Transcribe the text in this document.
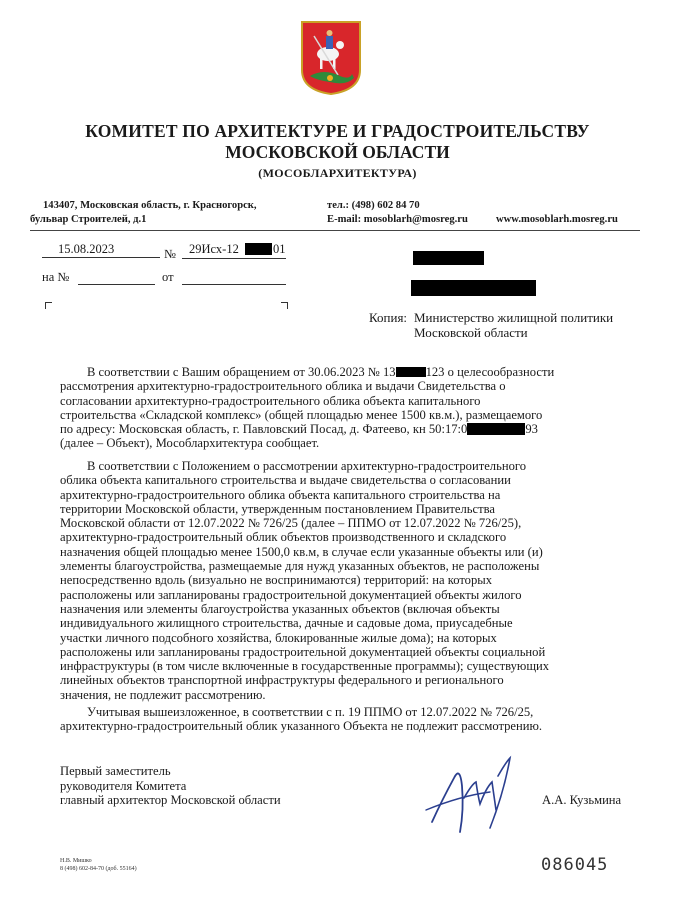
КОМИТЕТ ПО АРХИТЕКТУРЕ И ГРАДОСТРОИТЕЛЬСТВУ
МОСКОВСКОЙ ОБЛАСТИ
(МОСОБЛАРХИТЕКТУРА)
143407, Московская область, г. Красногорск,
бульвар Строителей, д.1
тел.: (498) 602 84 70
E-mail: mosoblarh@mosreg.ru	www.mosoblarh.mosreg.ru
15.08.2023	№ 29Исх-12	01
на №	от
Копия: Министерство жилищной политики
Московской области
В соответствии с Вашим обращением от 30.06.2023 № 13 123 о целесообразности
рассмотрения архитектурно-градостроительного облика и выдачи Свидетельства о
согласовании архитектурно-градостроительного облика объекта капитального
строительства «Складской комплекс» (общей площадью менее 1500 кв.м.), размещаемого
по адресу: Московская область, г. Павловский Посад, д. Фатеево, кн 50:17:0	93
(далее – Объект), Мособлархитектура сообщает.
В соответствии с Положением о рассмотрении архитектурно-градостроительного
облика объекта капитального строительства и выдаче свидетельства о согласовании
архитектурно-градостроительного облика объекта капитального строительства на
территории Московской области, утвержденным постановлением Правительства
Московской области от 12.07.2022 № 726/25 (далее – ППМО от 12.07.2022 № 726/25),
архитектурно-градостроительный облик объектов производственного и складского
назначения общей площадью менее 1500,0 кв.м, в случае если указанные объекты или (и)
элементы благоустройства, размещаемые для нужд указанных объектов, не расположены
непосредственно вдоль (визуально не воспринимаются) территорий: на которых
расположены или запланированы градостроительной документацией объекты жилого
назначения или элементы благоустройства указанных объектов (включая объекты
индивидуального жилищного строительства, дачные и садовые дома, приусадебные
участки личного подсобного хозяйства, блокированные жилые дома); на которых
расположены или запланированы градостроительной документацией объекты социальной
инфраструктуры (в том числе включенные в государственные программы); существующих
линейных объектов транспортной инфраструктуры федерального и регионального
значения, не подлежит рассмотрению.
Учитывая вышеизложенное, в соответствии с п. 19 ППМО от 12.07.2022 № 726/25,
архитектурно-градостроительный облик указанного Объекта не подлежит рассмотрению.
Первый заместитель
руководителя Комитета
главный архитектор Московской области	А.А. Кузьмина
Н.В. Мишко
8 (498) 602-84-70 (доб. 55164)	086045
